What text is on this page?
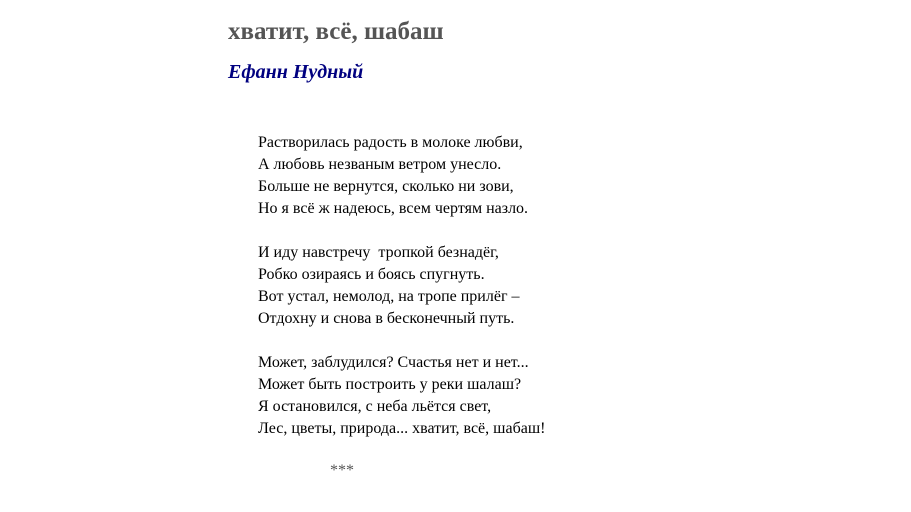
хватит, всё, шабаш
Ефанн Нудный
Растворилась радость в молоке любви,
А любовь незваным ветром унесло.
Больше не вернутся, сколько ни зови,
Но я всё ж надеюсь, всем чертям назло.
И иду навстречу  тропкой безнадёг,
Робко озираясь и боясь спугнуть.
Вот устал, немолод, на тропе прилёг –
Отдохну и снова в бесконечный путь.
Может, заблудился? Счастья нет и нет...
Может быть построить у реки шалаш?
Я остановился, с неба льётся свет,
Лес, цветы, природа... хватит, всё, шабаш!
***
